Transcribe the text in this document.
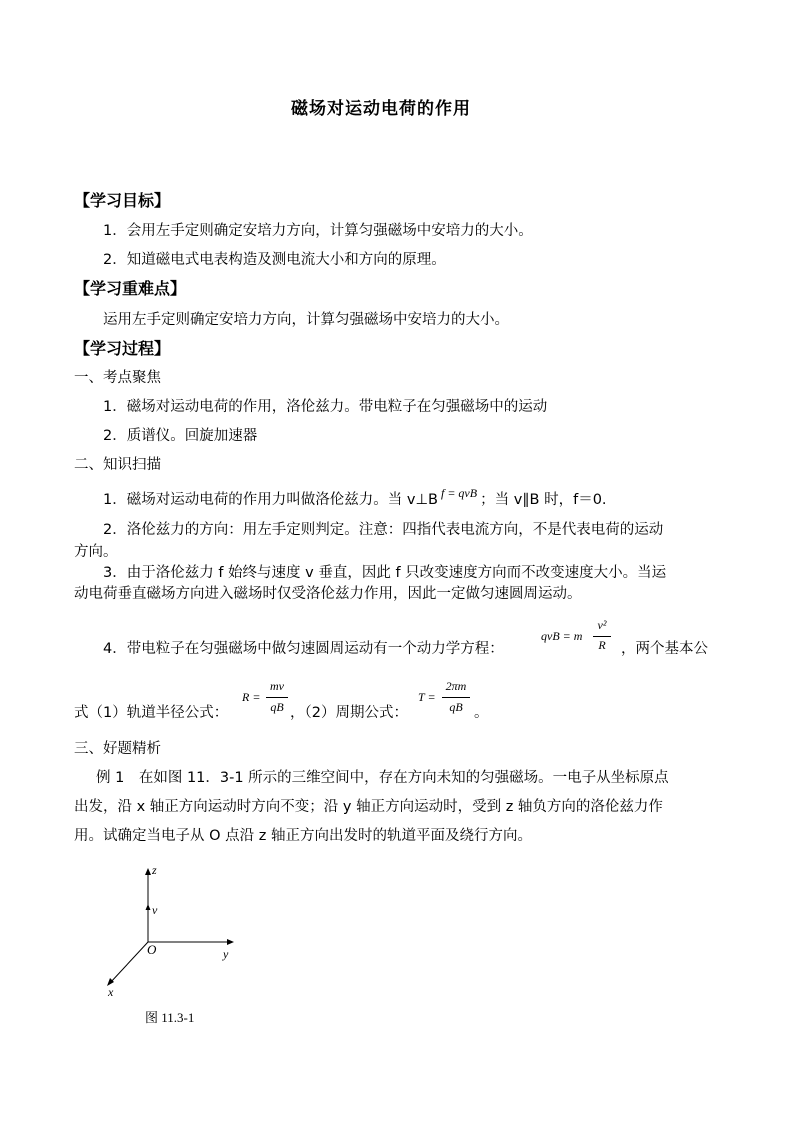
磁场对运动电荷的作用
【学习目标】
1．会用左手定则确定安培力方向，计算匀强磁场中安培力的大小。
2．知道磁电式电表构造及测电流大小和方向的原理。
【学习重难点】
运用左手定则确定安培力方向，计算匀强磁场中安培力的大小。
【学习过程】
一、考点聚焦
1．磁场对运动电荷的作用，洛伦兹力。带电粒子在匀强磁场中的运动
2．质谱仪。回旋加速器
二、知识扫描
1．磁场对运动电荷的作用力叫做洛伦兹力。当 v⊥B $^{f = qvB}$ ；当 v∥B 时，f＝0.
2．洛伦兹力的方向：用左手定则判定。注意：四指代表电流方向，不是代表电荷的运动
方向。
3．由于洛伦兹力 f 始终与速度 v 垂直，因此 f 只改变速度方向而不改变速度大小。当运
动电荷垂直磁场方向进入磁场时仅受洛伦兹力作用，因此一定做匀速圆周运动。
4．带电粒子在匀强磁场中做匀速圆周运动有一个动力学方程：
qvB = m
v²
R	，两个基本公
式（1）轨道半径公式：
R =
mv
qB ，（2）周期公式：
T =
2πm
qB 。
三、好题精析
例 1　在如图 11．3-1 所示的三维空间中，存在方向未知的匀强磁场。一电子从坐标原点
出发，沿 x 轴正方向运动时方向不变；沿 y 轴正方向运动时，受到 z 轴负方向的洛伦兹力作
用。试确定当电子从 O 点沿 z 轴正方向出发时的轨道平面及绕行方向。
z
v
O	y
x
图 11.3-1
